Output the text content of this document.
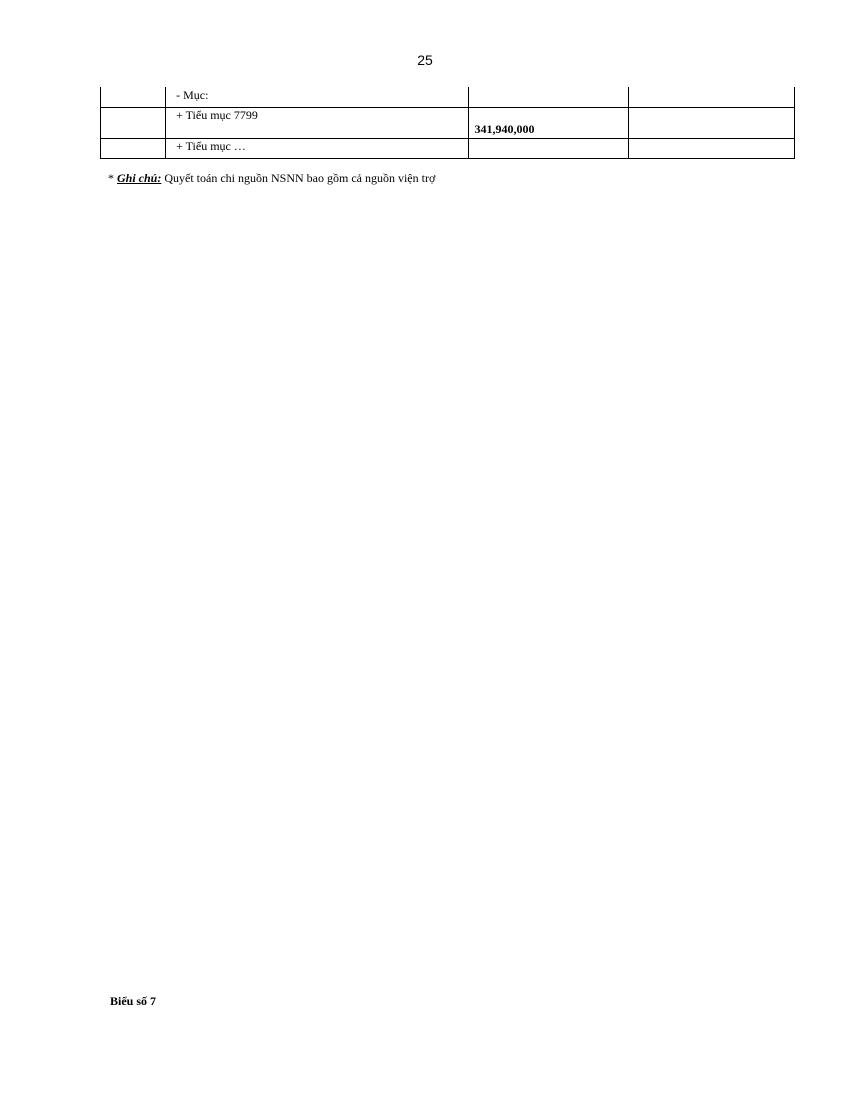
25
	- Mục:		
	+ Tiểu mục 7799	341,940,000	

	+ Tiểu mục …		
* Ghi chú: Quyết toán chi nguồn NSNN bao gồm cả nguồn viện trợ
Biểu số 7
